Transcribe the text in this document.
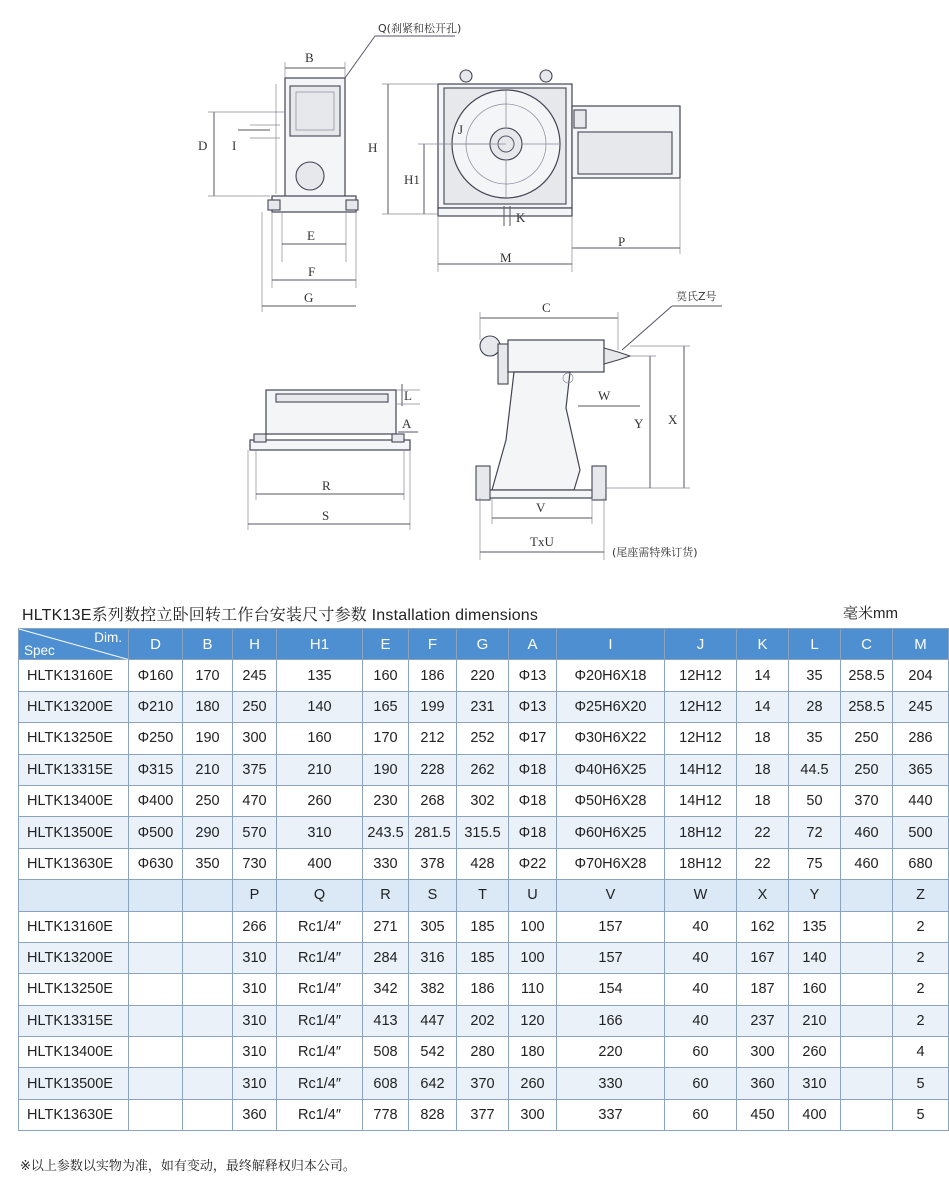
Q(刹紧和松开孔)
B
D I
E
F
G
H
H1
J
K
M
P
L
A
R
S
莫氏Z号
C
W
X
Y
V
TxU
(尾座需特殊订货)
HLTK13E系列数控立卧回转工作台安装尺寸参数 Installation dimensions	毫米mm
Dim.
Spec	D	B	H	H1	E	F	G	A	I	J	K	L	C	M
HLTK13160E	Φ160	170	245	135	160	186	220	Φ13	Φ20H6X18	12H12	14	35	258.5	204
HLTK13200E	Φ210	180	250	140	165	199	231	Φ13	Φ25H6X20	12H12	14	28	258.5	245
HLTK13250E	Φ250	190	300	160	170	212	252	Φ17	Φ30H6X22	12H12	18	35	250	286
HLTK13315E	Φ315	210	375	210	190	228	262	Φ18	Φ40H6X25	14H12	18	44.5	250	365
HLTK13400E	Φ400	250	470	260	230	268	302	Φ18	Φ50H6X28	14H12	18	50	370	440
HLTK13500E	Φ500	290	570	310	243.5	281.5	315.5	Φ18	Φ60H6X25	18H12	22	72	460	500
HLTK13630E	Φ630	350	730	400	330	378	428	Φ22	Φ70H6X28	18H12	22	75	460	680
			P	Q	R	S	T	U	V	W	X	Y		Z
HLTK13160E			266	Rc1/4″	271	305	185	100	157	40	162	135		2
HLTK13200E			310	Rc1/4″	284	316	185	100	157	40	167	140		2
HLTK13250E			310	Rc1/4″	342	382	186	110	154	40	187	160		2
HLTK13315E			310	Rc1/4″	413	447	202	120	166	40	237	210		2
HLTK13400E			310	Rc1/4″	508	542	280	180	220	60	300	260		4
HLTK13500E			310	Rc1/4″	608	642	370	260	330	60	360	310		5
HLTK13630E			360	Rc1/4″	778	828	377	300	337	60	450	400		5
※以上参数以实物为准，如有变动，最终解释权归本公司。
